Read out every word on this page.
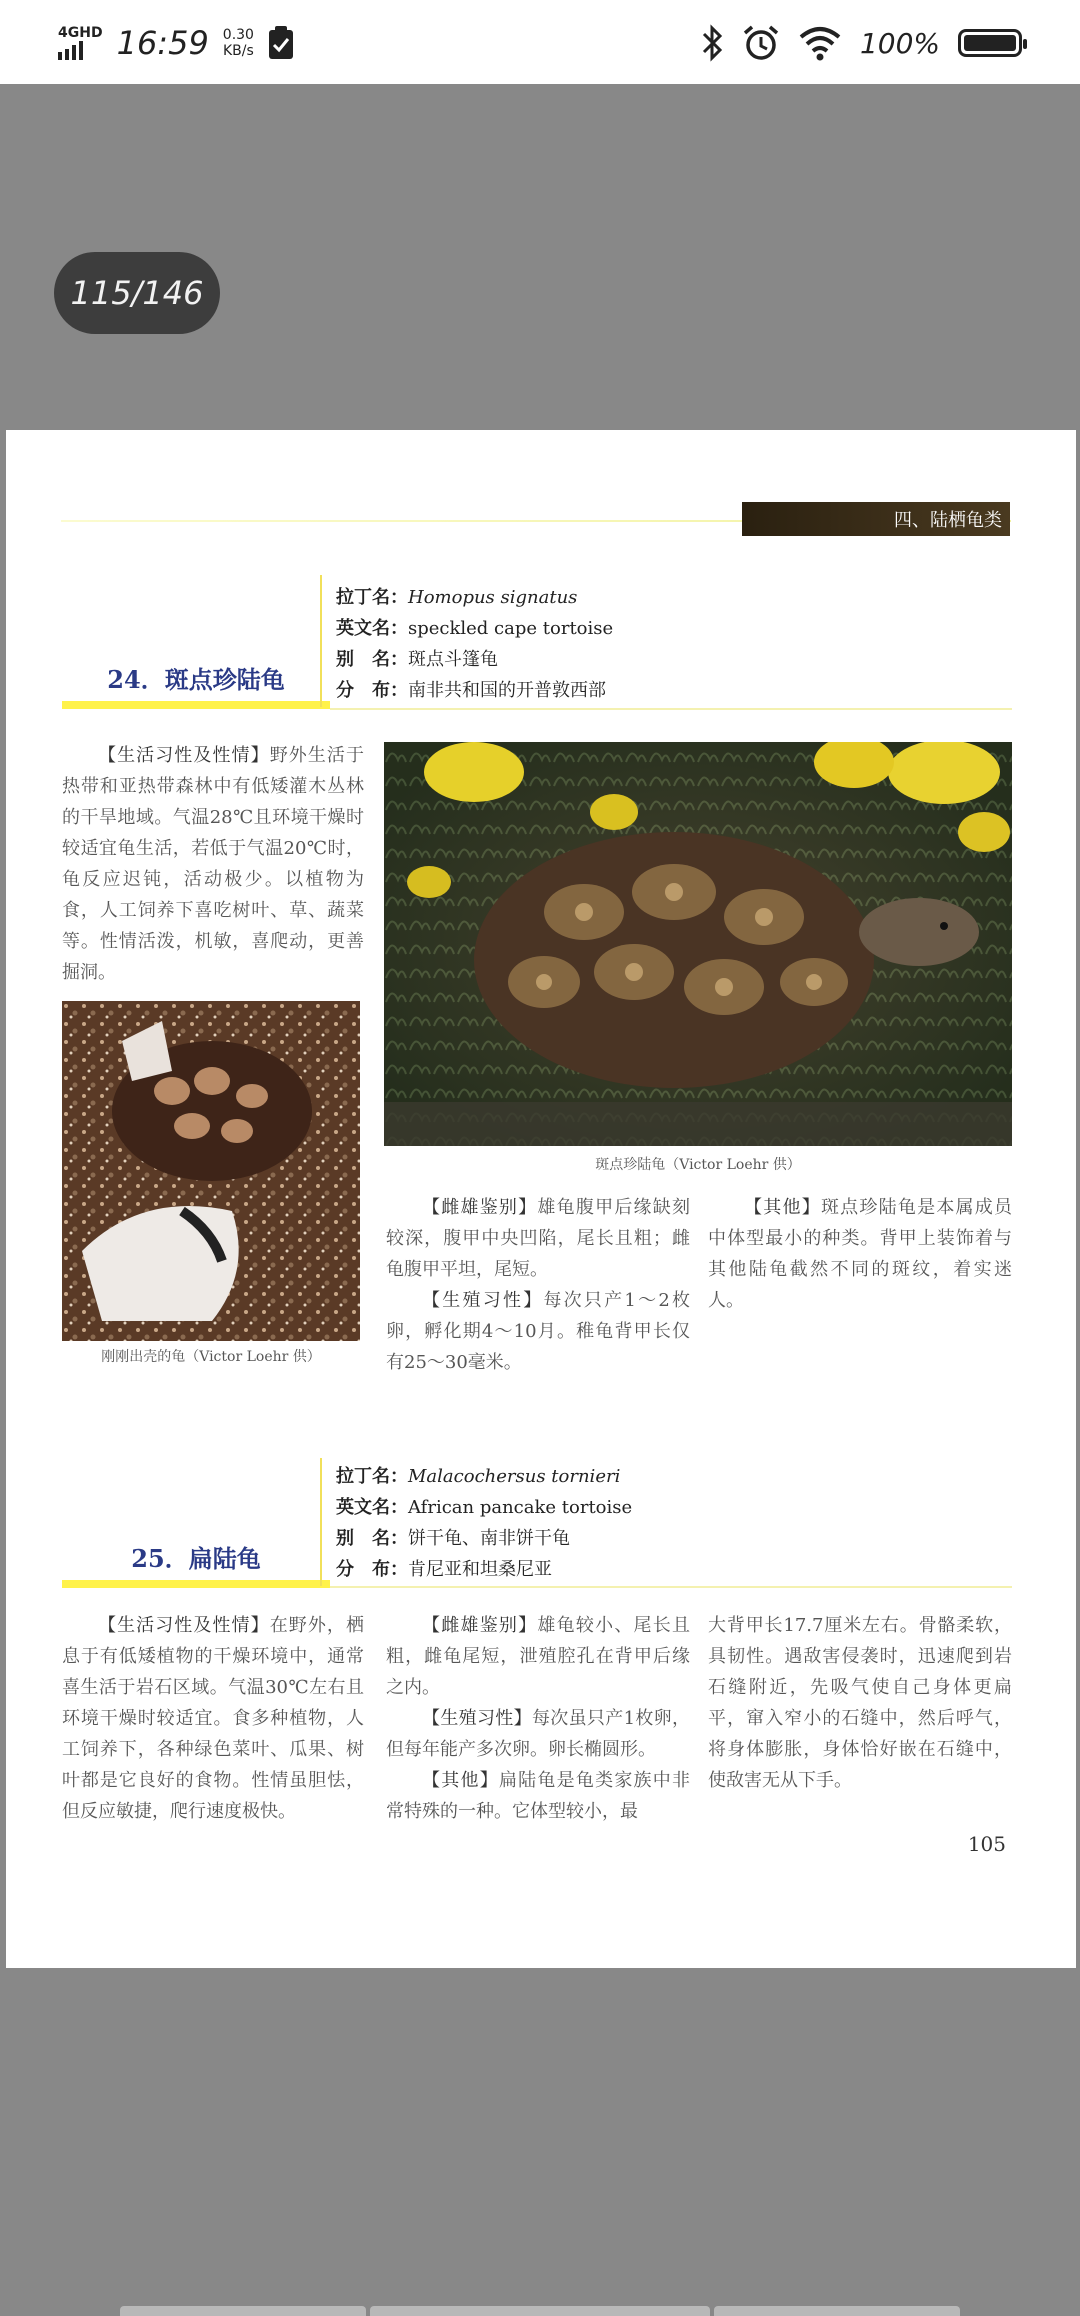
4GHD 16:59 0.30
KB/s	100%
115/146
四、陆栖龟类
24．斑点珍陆龟
拉丁名：Homopus signatus
英文名：speckled cape tortoise
别　名：斑点斗篷龟
分　布：南非共和国的开普敦西部
【生活习性及性情】野外生活于热带和亚热带森林中有低矮灌木丛林的干旱地域。气温28℃且环境干燥时较适宜龟生活，若低于气温20℃时，龟反应迟钝，活动极少。以植物为食，人工饲养下喜吃树叶、草、蔬菜等。性情活泼，机敏，喜爬动，更善掘洞。
斑点珍陆龟（Victor Loehr 供）
刚刚出壳的龟（Victor Loehr 供）
【雌雄鉴别】雄龟腹甲后缘缺刻较深，腹甲中央凹陷，尾长且粗；雌龟腹甲平坦，尾短。
【生殖习性】每次只产1～2枚卵，孵化期4～10月。稚龟背甲长仅有25～30毫米。
【其他】斑点珍陆龟是本属成员中体型最小的种类。背甲上装饰着与其他陆龟截然不同的斑纹，着实迷人。
25．扁陆龟
拉丁名：Malacochersus tornieri
英文名：African pancake tortoise
别　名：饼干龟、南非饼干龟
分　布：肯尼亚和坦桑尼亚
【生活习性及性情】在野外，栖息于有低矮植物的干燥环境中，通常喜生活于岩石区域。气温30℃左右且环境干燥时较适宜。食多种植物，人工饲养下，各种绿色菜叶、瓜果、树叶都是它良好的食物。性情虽胆怯，但反应敏捷，爬行速度极快。
【雌雄鉴别】雄龟较小、尾长且粗，雌龟尾短，泄殖腔孔在背甲后缘之内。
【生殖习性】每次虽只产1枚卵，但每年能产多次卵。卵长椭圆形。
【其他】扁陆龟是龟类家族中非常特殊的一种。它体型较小，最
大背甲长17.7厘米左右。骨骼柔软，具韧性。遇敌害侵袭时，迅速爬到岩石缝附近，先吸气使自己身体更扁平，窜入窄小的石缝中，然后呼气，将身体膨胀，身体恰好嵌在石缝中，使敌害无从下手。
105
